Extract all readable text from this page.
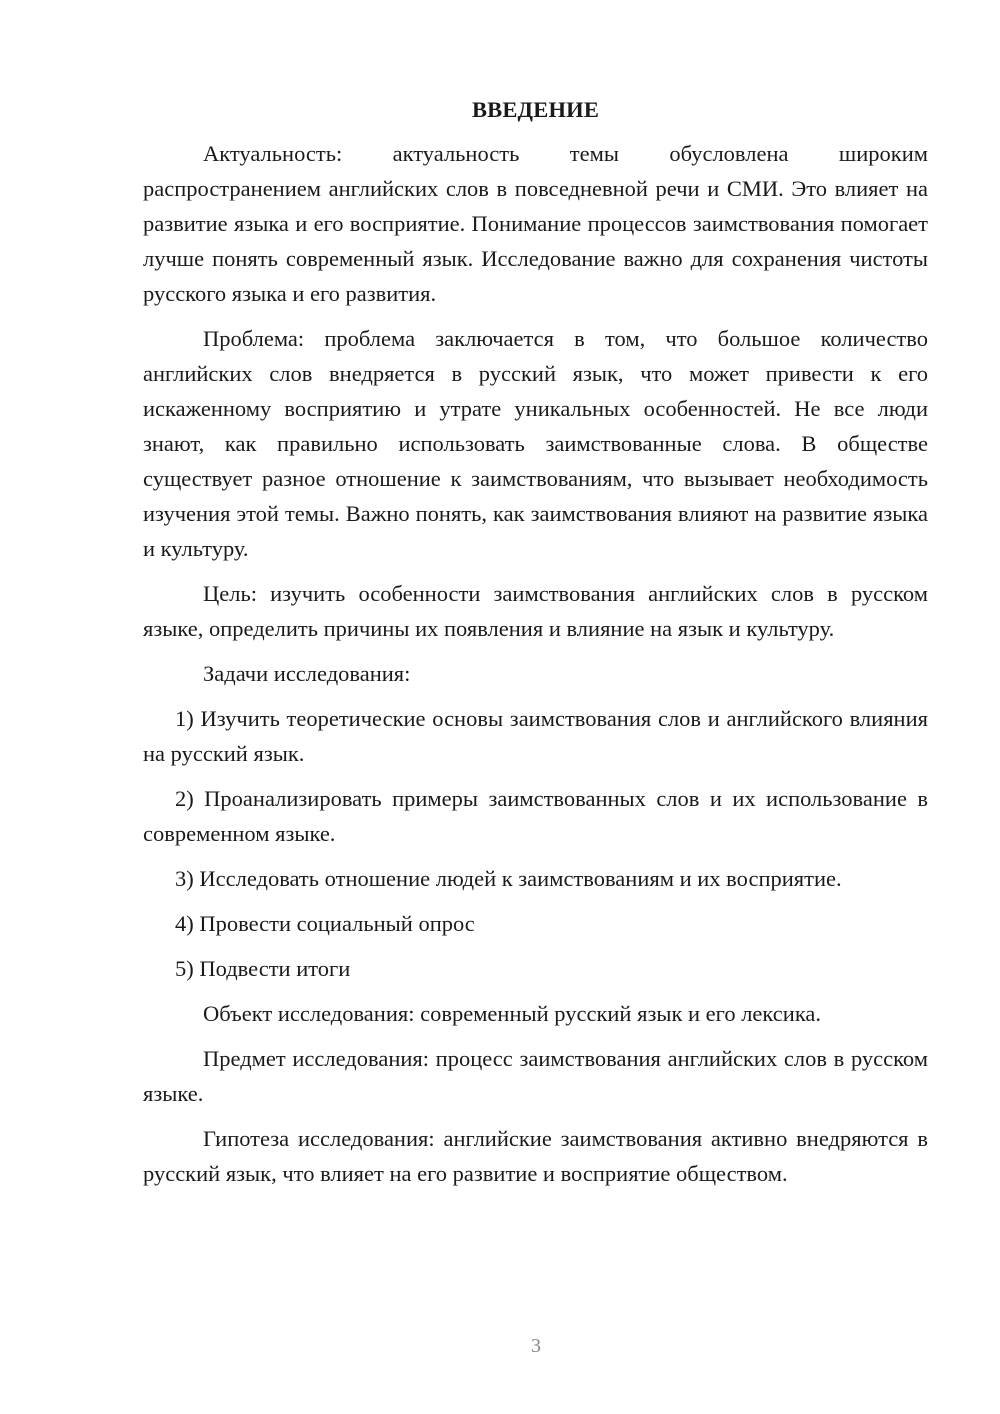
ВВЕДЕНИЕ

Актуальность: актуальность темы обусловлена широким распространением английских слов в повседневной речи и СМИ. Это влияет на развитие языка и его восприятие. Понимание процессов заимствования помогает лучше понять современный язык. Исследование важно для сохранения чистоты русского языка и его развития.

Проблема: проблема заключается в том, что большое количество английских слов внедряется в русский язык, что может привести к его искаженному восприятию и утрате уникальных особенностей. Не все люди знают, как правильно использовать заимствованные слова. В обществе существует разное отношение к заимствованиям, что вызывает необходимость изучения этой темы. Важно понять, как заимствования влияют на развитие языка и культуру.

Цель: изучить особенности заимствования английских слов в русском языке, определить причины их появления и влияние на язык и культуру.

Задачи исследования:

1) Изучить теоретические основы заимствования слов и английского влияния на русский язык.

2) Проанализировать примеры заимствованных слов и их использование в современном языке.

3) Исследовать отношение людей к заимствованиям и их восприятие.

4) Провести социальный опрос

5) Подвести итоги

Объект исследования: современный русский язык и его лексика.

Предмет исследования: процесс заимствования английских слов в русском языке.

Гипотеза исследования: английские заимствования активно внедряются в русский язык, что влияет на его развитие и восприятие обществом.

3
